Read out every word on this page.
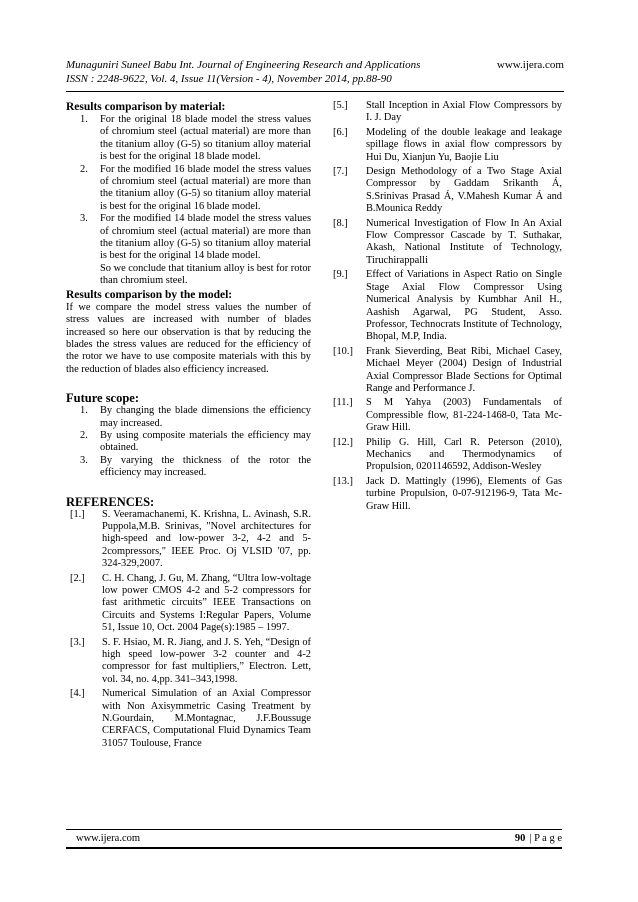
Munaguniri Suneel Babu Int. Journal of Engineering Research and Applications	www.ijera.com
ISSN : 2248-9622, Vol. 4, Issue 11(Version - 4), November 2014, pp.88-90
Results comparison by material:
1. For the original 18 blade model the stress values of chromium steel (actual material) are more than the titanium alloy (G-5) so titanium alloy material is best for the original 18 blade model.
2. For the modified 16 blade model the stress values of chromium steel (actual material) are more than the titanium alloy (G-5) so titanium alloy material is best for the original 16 blade model.
3. For the modified 14 blade model the stress values of chromium steel (actual material) are more than the titanium alloy (G-5) so titanium alloy material is best for the original 14 blade model.
So we conclude that titanium alloy is best for rotor than chromium steel.
Results comparison by the model:

If we compare the model stress values the number of stress values are increased with number of blades increased so here our observation is that by reducing the blades the stress values are reduced for the efficiency of the rotor we have to use composite materials with this by the reduction of blades also efficiency increased.

Future scope:
1. By changing the blade dimensions the efficiency may increased.
2. By using composite materials the efficiency may obtained.
3. By varying the thickness of the rotor the efficiency may increased.
REFERENCES:
[1.] S. Veeramachanemi, K. Krishna, L. Avinash, S.R. Puppola,M.B. Srinivas, "Novel architectures for high-speed and low-power 3-2, 4-2 and 5-2compressors," IEEE Proc. Oj VLSID '07, pp. 324-329,2007.
[2.] C. H. Chang, J. Gu, M. Zhang, “Ultra low-voltage low power CMOS 4-2 and 5-2 compressors for fast arithmetic circuits” IEEE Transactions on Circuits and Systems I:Regular Papers, Volume 51, Issue 10, Oct. 2004 Page(s):1985 – 1997.
[3.] S. F. Hsiao, M. R. Jiang, and J. S. Yeh, “Design of high speed low-power 3-2 counter and 4-2 compressor for fast multipliers,” Electron. Lett, vol. 34, no. 4,pp. 341–343,1998.
[4.] Numerical Simulation of an Axial Compressor with Non Axisymmetric Casing Treatment by N.Gourdain, M.Montagnac, J.F.Boussuge CERFACS, Computational Fluid Dynamics Team 31057 Toulouse, France
[5.] Stall Inception in Axial Flow Compressors by I. J. Day
[6.] Modeling of the double leakage and leakage spillage flows in axial flow compressors by Hui Du, Xianjun Yu, Baojie Liu
[7.] Design Methodology of a Two Stage Axial Compressor by Gaddam Srikanth Á, S.Srinivas Prasad Á, V.Mahesh Kumar Á and B.Mounica Reddy
[8.] Numerical Investigation of Flow In An Axial Flow Compressor Cascade by T. Suthakar, Akash, National Institute of Technology, Tiruchirappalli
[9.] Effect of Variations in Aspect Ratio on Single Stage Axial Flow Compressor Using Numerical Analysis by Kumbhar Anil H., Aashish Agarwal, PG Student, Asso. Professor, Technocrats Institute of Technology, Bhopal, M.P, India.
[10.] Frank Sieverding, Beat Ribi, Michael Casey, Michael Meyer (2004) Design of Industrial Axial Compressor Blade Sections for Optimal Range and Performance J.
[11.] S M Yahya (2003) Fundamentals of Compressible flow, 81-224-1468-0, Tata Mc-Graw Hill.
[12.] Philip G. Hill, Carl R. Peterson (2010), Mechanics and Thermodynamics of Propulsion, 0201146592, Addison-Wesley
[13.] Jack D. Mattingly (1996), Elements of Gas turbine Propulsion, 0-07-912196-9, Tata Mc-Graw Hill.
www.ijera.com	90 | P a g e
